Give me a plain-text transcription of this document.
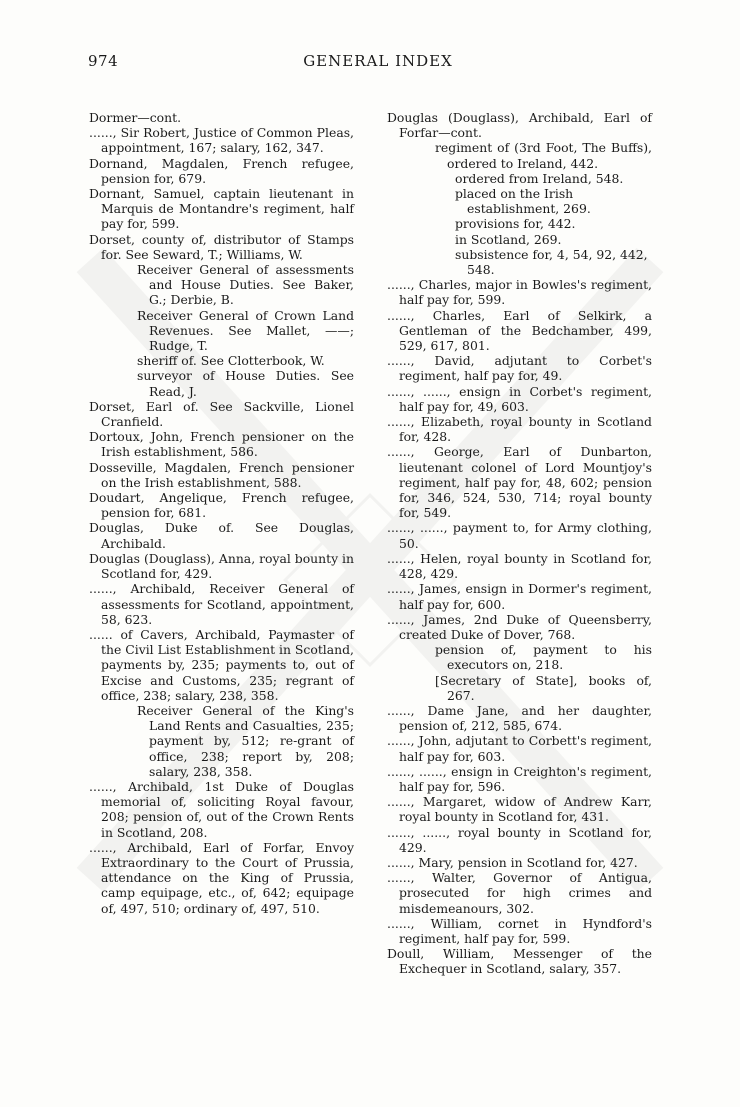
974	GENERAL INDEX

Dormer—cont.

......, Sir Robert, Justice of Common Pleas, appointment, 167; salary, 162, 347.

Dornand, Magdalen, French refugee, pension for, 679.

Dornant, Samuel, captain lieutenant in Marquis de Montandre's regiment, half pay for, 599.

Dorset, county of, distributor of Stamps for. See Seward, T.; Williams, W.

Receiver General of assessments and House Duties. See Baker, G.; Derbie, B.

Receiver General of Crown Land Revenues. See Mallet, ——; Rudge, T.

sheriff of. See Clotterbook, W.

surveyor of House Duties. See Read, J.

Dorset, Earl of. See Sackville, Lionel Cranfield.

Dortoux, John, French pensioner on the Irish establishment, 586.

Dosseville, Magdalen, French pensioner on the Irish establishment, 588.

Doudart, Angelique, French refugee, pension for, 681.

Douglas, Duke of. See Douglas, Archibald.

Douglas (Douglass), Anna, royal bounty in Scotland for, 429.

......, Archibald, Receiver General of assessments for Scotland, appointment, 58, 623.

...... of Cavers, Archibald, Paymaster of the Civil List Establishment in Scotland, payments by, 235; payments to, out of Excise and Customs, 235; regrant of office, 238; salary, 238, 358.

Receiver General of the King's Land Rents and Casualties, 235; payment by, 512; re-grant of office, 238; report by, 208; salary, 238, 358.

......, Archibald, 1st Duke of Douglas memorial of, soliciting Royal favour, 208; pension of, out of the Crown Rents in Scotland, 208.

......, Archibald, Earl of Forfar, Envoy Extraordinary to the Court of Prussia, attendance on the King of Prussia, camp equipage, etc., of, 642; equipage of, 497, 510; ordinary of, 497, 510.

Douglas (Douglass), Archibald, Earl of Forfar—cont.

regiment of (3rd Foot, The Buffs), ordered to Ireland, 442.

ordered from Ireland, 548.

placed on the Irish establishment, 269.

provisions for, 442.

in Scotland, 269.

subsistence for, 4, 54, 92, 442, 548.

......, Charles, major in Bowles's regiment, half pay for, 599.

......, Charles, Earl of Selkirk, a Gentleman of the Bedchamber, 499, 529, 617, 801.

......, David, adjutant to Corbet's regiment, half pay for, 49.

......, ......, ensign in Corbet's regiment, half pay for, 49, 603.

......, Elizabeth, royal bounty in Scotland for, 428.

......, George, Earl of Dunbarton, lieutenant colonel of Lord Mountjoy's regiment, half pay for, 48, 602; pension for, 346, 524, 530, 714; royal bounty for, 549.

......, ......, payment to, for Army clothing, 50.

......, Helen, royal bounty in Scotland for, 428, 429.

......, James, ensign in Dormer's regiment, half pay for, 600.

......, James, 2nd Duke of Queensberry, created Duke of Dover, 768.

pension of, payment to his executors on, 218.

[Secretary of State], books of, 267.

......, Dame Jane, and her daughter, pension of, 212, 585, 674.

......, John, adjutant to Corbett's regiment, half pay for, 603.

......, ......, ensign in Creighton's regiment, half pay for, 596.

......, Margaret, widow of Andrew Karr, royal bounty in Scotland for, 431.

......, ......, royal bounty in Scotland for, 429.

......, Mary, pension in Scotland for, 427.

......, Walter, Governor of Antigua, prosecuted for high crimes and misdemeanours, 302.

......, William, cornet in Hyndford's regiment, half pay for, 599.

Doull, William, Messenger of the Exchequer in Scotland, salary, 357.
